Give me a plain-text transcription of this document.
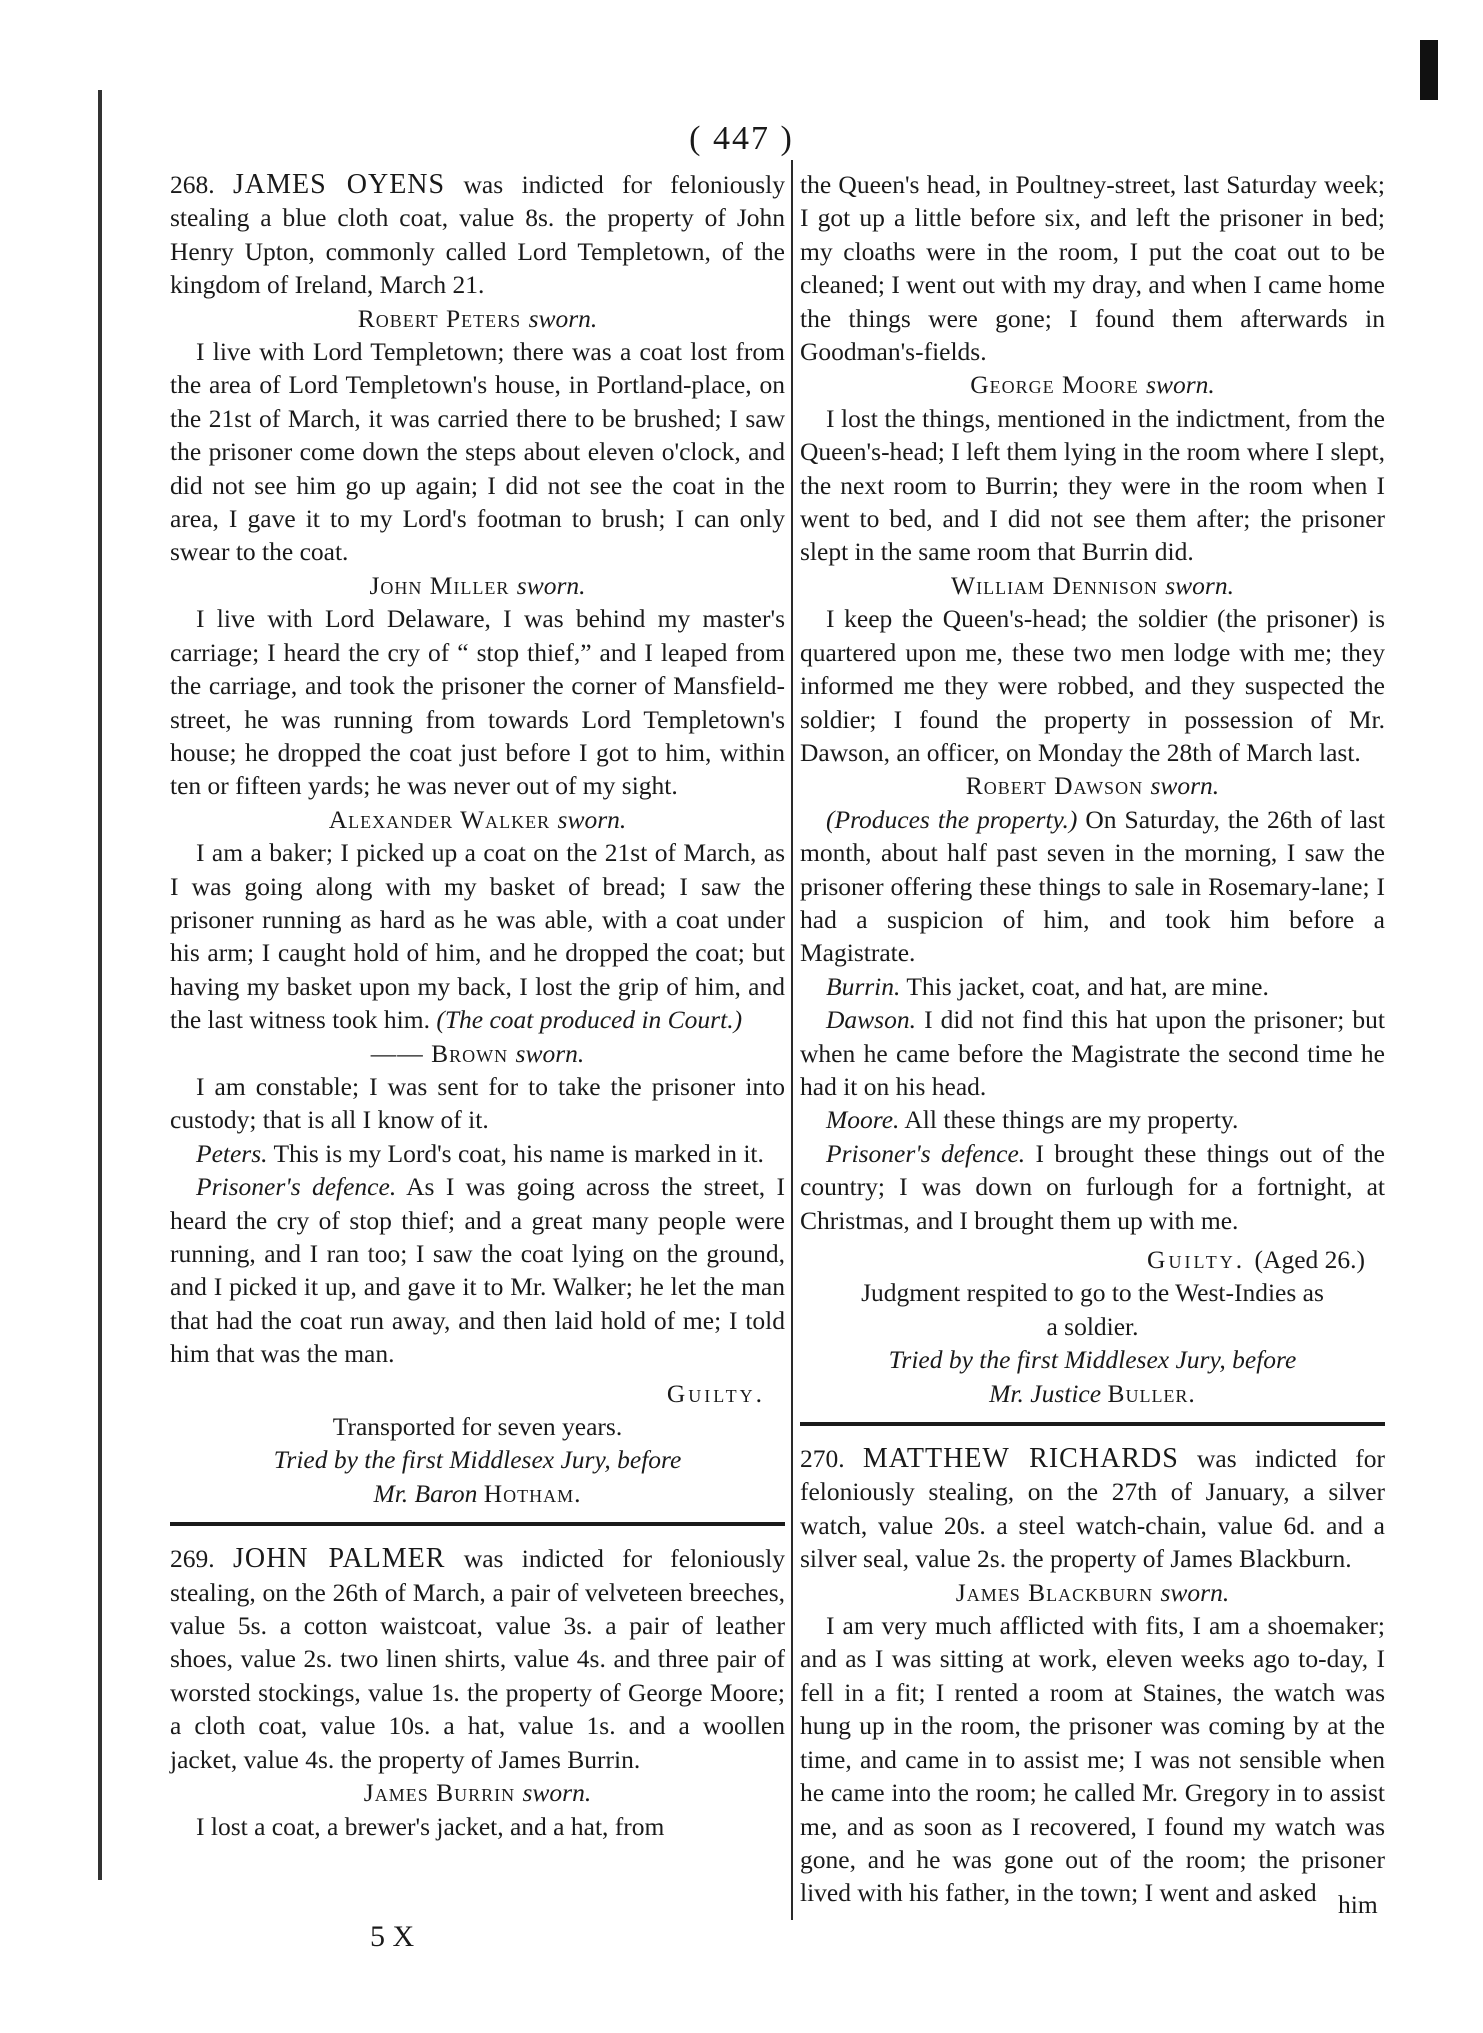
( 447 )

268. JAMES OYENS was indicted for feloniously stealing a blue cloth coat, value 8s. the property of John Henry Upton, commonly called Lord Templetown, of the kingdom of Ireland, March 21.

Robert Peters sworn.

I live with Lord Templetown; there was a coat lost from the area of Lord Templetown's house, in Portland-place, on the 21st of March, it was carried there to be brushed; I saw the prisoner come down the steps about eleven o'clock, and did not see him go up again; I did not see the coat in the area, I gave it to my Lord's footman to brush; I can only swear to the coat.

John Miller sworn.

I live with Lord Delaware, I was behind my master's carriage; I heard the cry of “ stop thief,” and I leaped from the carriage, and took the prisoner the corner of Mansfield-street, he was running from towards Lord Templetown's house; he dropped the coat just before I got to him, within ten or fifteen yards; he was never out of my sight.

Alexander Walker sworn.

I am a baker; I picked up a coat on the 21st of March, as I was going along with my basket of bread; I saw the prisoner running as hard as he was able, with a coat under his arm; I caught hold of him, and he dropped the coat; but having my basket upon my back, I lost the grip of him, and the last witness took him. (The coat produced in Court.)

—— Brown sworn.

I am constable; I was sent for to take the prisoner into custody; that is all I know of it.

Peters. This is my Lord's coat, his name is marked in it.

Prisoner's defence. As I was going across the street, I heard the cry of stop thief; and a great many people were running, and I ran too; I saw the coat lying on the ground, and I picked it up, and gave it to Mr. Walker; he let the man that had the coat run away, and then laid hold of me; I told him that was the man.

Guilty.

Transported for seven years.

Tried by the first Middlesex Jury, before

Mr. Baron Hotham.

269. JOHN PALMER was indicted for feloniously stealing, on the 26th of March, a pair of velveteen breeches, value 5s. a cotton waistcoat, value 3s. a pair of leather shoes, value 2s. two linen shirts, value 4s. and three pair of worsted stockings, value 1s. the property of George Moore; a cloth coat, value 10s. a hat, value 1s. and a woollen jacket, value 4s. the property of James Burrin.

James Burrin sworn.

I lost a coat, a brewer's jacket, and a hat, from

the Queen's head, in Poultney-street, last Saturday week; I got up a little before six, and left the prisoner in bed; my cloaths were in the room, I put the coat out to be cleaned; I went out with my dray, and when I came home the things were gone; I found them afterwards in Goodman's-fields.

George Moore sworn.

I lost the things, mentioned in the indictment, from the Queen's-head; I left them lying in the room where I slept, the next room to Burrin; they were in the room when I went to bed, and I did not see them after; the prisoner slept in the same room that Burrin did.

William Dennison sworn.

I keep the Queen's-head; the soldier (the prisoner) is quartered upon me, these two men lodge with me; they informed me they were robbed, and they suspected the soldier; I found the property in possession of Mr. Dawson, an officer, on Monday the 28th of March last.

Robert Dawson sworn.

(Produces the property.) On Saturday, the 26th of last month, about half past seven in the morning, I saw the prisoner offering these things to sale in Rosemary-lane; I had a suspicion of him, and took him before a Magistrate.

Burrin. This jacket, coat, and hat, are mine.

Dawson. I did not find this hat upon the prisoner; but when he came before the Magistrate the second time he had it on his head.

Moore. All these things are my property.

Prisoner's defence. I brought these things out of the country; I was down on furlough for a fortnight, at Christmas, and I brought them up with me.

Guilty. (Aged 26.)

Judgment respited to go to the West-Indies as

a soldier.

Tried by the first Middlesex Jury, before

Mr. Justice Buller.

270. MATTHEW RICHARDS was indicted for feloniously stealing, on the 27th of January, a silver watch, value 20s. a steel watch-chain, value 6d. and a silver seal, value 2s. the property of James Blackburn.

James Blackburn sworn.

I am very much afflicted with fits, I am a shoemaker; and as I was sitting at work, eleven weeks ago to-day, I fell in a fit; I rented a room at Staines, the watch was hung up in the room, the prisoner was coming by at the time, and came in to assist me; I was not sensible when he came into the room; he called Mr. Gregory in to assist me, and as soon as I recovered, I found my watch was gone, and he was gone out of the room; the prisoner lived with his father, in the town; I went and asked

5 X
him
